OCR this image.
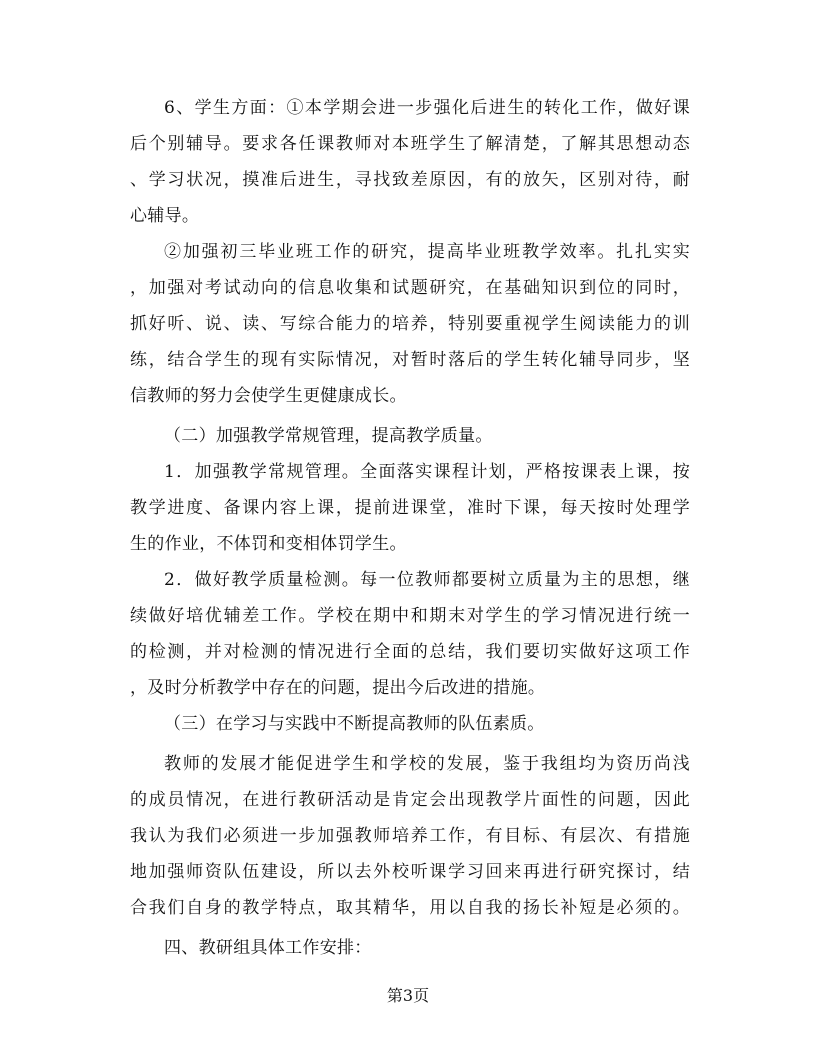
6、学生方面：①本学期会进一步强化后进生的转化工作，做好课
后个别辅导。要求各任课教师对本班学生了解清楚，了解其思想动态
、学习状况，摸准后进生，寻找致差原因，有的放矢，区别对待，耐
心辅导。
②加强初三毕业班工作的研究，提高毕业班教学效率。扎扎实实
，加强对考试动向的信息收集和试题研究，在基础知识到位的同时，
抓好听、说、读、写综合能力的培养，特别要重视学生阅读能力的训
练，结合学生的现有实际情况，对暂时落后的学生转化辅导同步，坚
信教师的努力会使学生更健康成长。
（二）加强教学常规管理，提高教学质量。
1．加强教学常规管理。全面落实课程计划，严格按课表上课，按
教学进度、备课内容上课，提前进课堂，准时下课，每天按时处理学
生的作业，不体罚和变相体罚学生。
2．做好教学质量检测。每一位教师都要树立质量为主的思想，继
续做好培优辅差工作。学校在期中和期末对学生的学习情况进行统一
的检测，并对检测的情况进行全面的总结，我们要切实做好这项工作
，及时分析教学中存在的问题，提出今后改进的措施。
（三）在学习与实践中不断提高教师的队伍素质。
教师的发展才能促进学生和学校的发展，鉴于我组均为资历尚浅
的成员情况，在进行教研活动是肯定会出现教学片面性的问题，因此
我认为我们必须进一步加强教师培养工作，有目标、有层次、有措施
地加强师资队伍建设，所以去外校听课学习回来再进行研究探讨，结
合我们自身的教学特点，取其精华，用以自我的扬长补短是必须的。
四、教研组具体工作安排：
第3页
